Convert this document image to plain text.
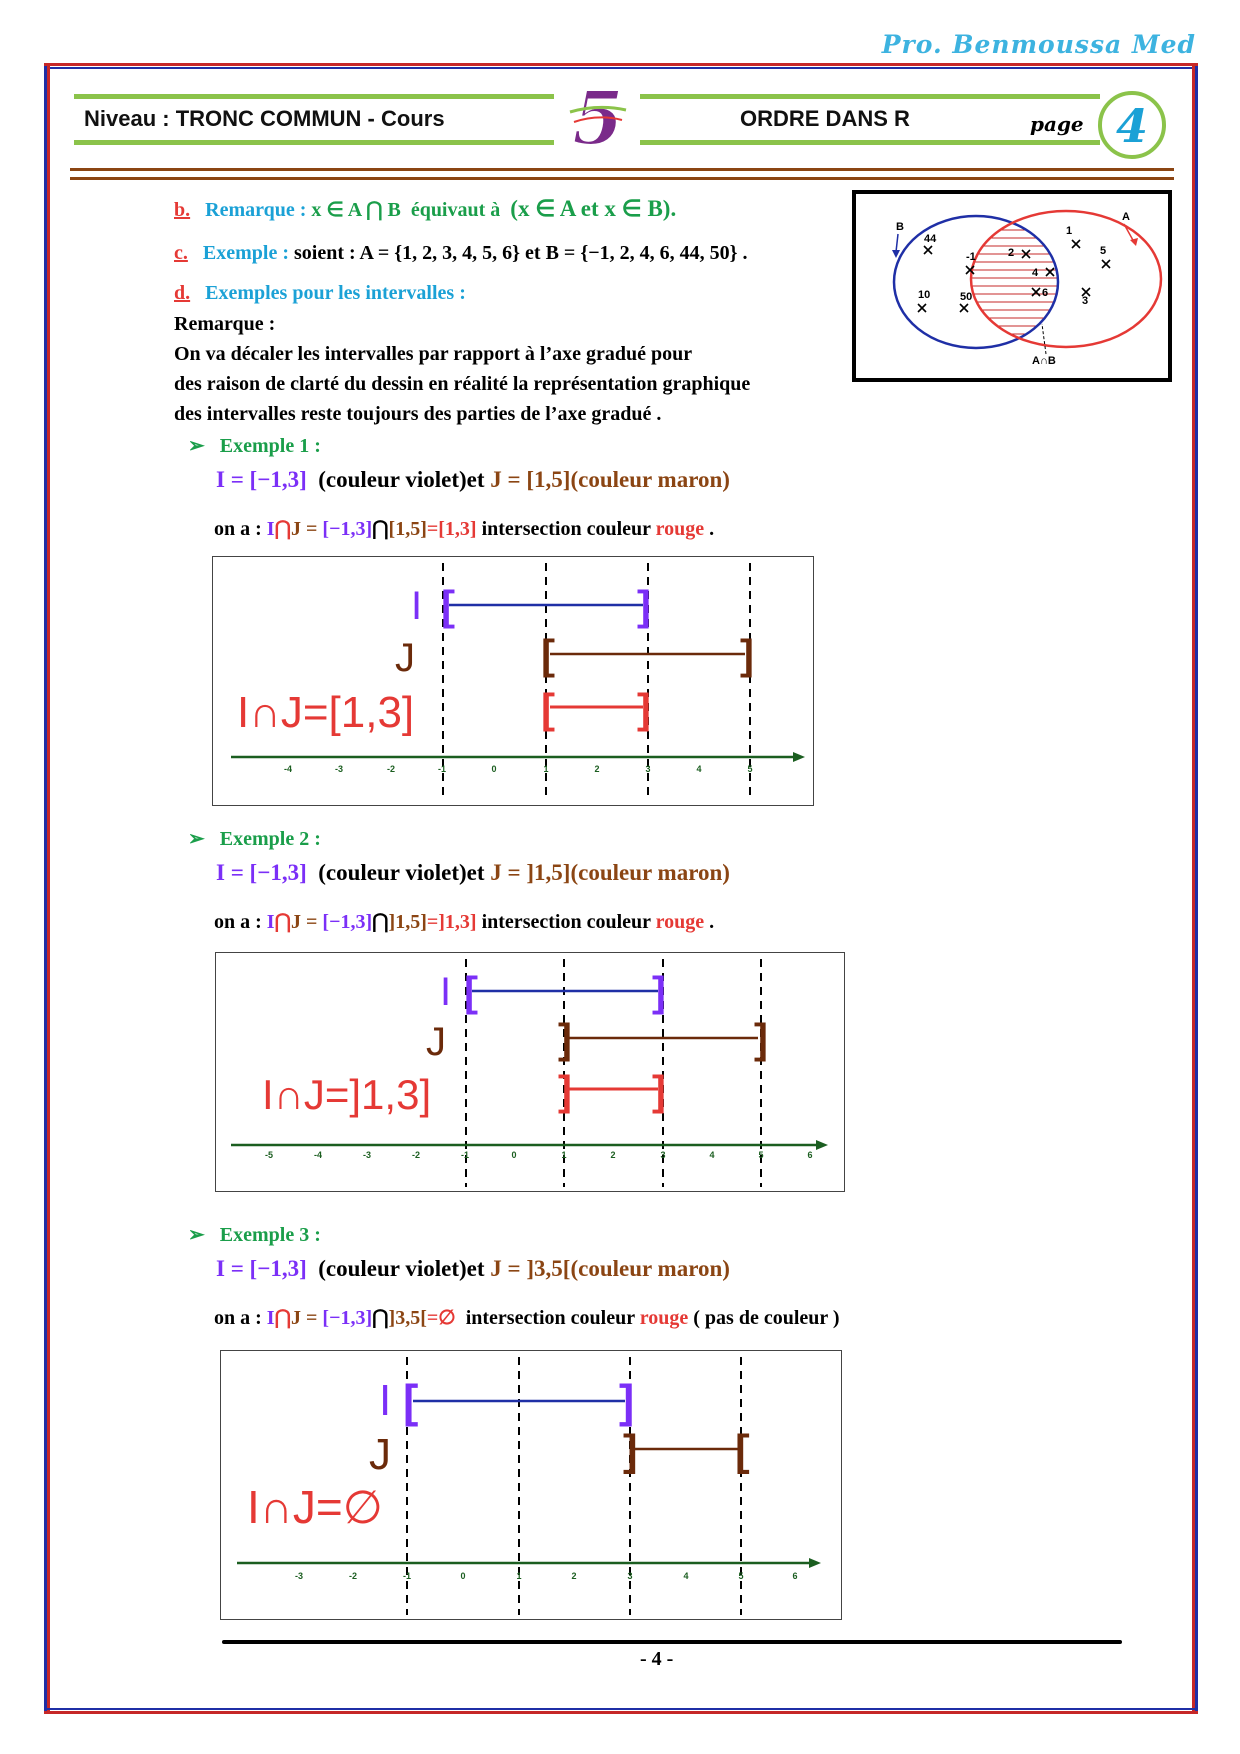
Pro. Benmoussa Med
Niveau : TRONC COMMUN - Cours 5	ORDRE DANS R	page 4
b. Remarque : x ∈ A ⋂ B équivaut à (x ∈ A et x ∈ B).
c. Exemple : soient : A = {1, 2, 3, 4, 5, 6} et B = {−1, 2, 4, 6, 44, 50} .
d. Exemples pour les intervalles :
Remarque :
On va décaler les intervalles par rapport à l’axe gradué pour
des raison de clarté du dessin en réalité la représentation graphique
des intervalles reste toujours des parties de l’axe gradué .
B
A
A∩B
44
-1
10	50
1
2
4
6
5
3
➢   Exemple 1 :
I = [−1,3] (couleur violet)et J = [1,5](couleur maron)
on a : I⋂J = [−1,3]⋂[1,5]=[1,3] intersection couleur rouge .
-4	-3	-2	-1	0	1	2	3	4	5
I [	]
J	[	]
I∩J=[1,3]	[ ]
➢   Exemple 2 :
I = [−1,3] (couleur violet)et J = ]1,5](couleur maron)
on a : I⋂J = [−1,3]⋂]1,5]=]1,3] intersection couleur rouge .
-5	-4	-3	-2	-1	0	1	2	3	4	5	6
I [	]
J	]	]
I∩J=]1,3]	] ]
➢   Exemple 3 :
I = [−1,3] (couleur violet)et J = ]3,5[(couleur maron)
on a : I⋂J = [−1,3]⋂]3,5[=∅ intersection couleur rouge ( pas de couleur )
-3	-2	-1	0	1	2	3	4	5	6
I [	]
J	] [
I∩J=∅
- 4 -
